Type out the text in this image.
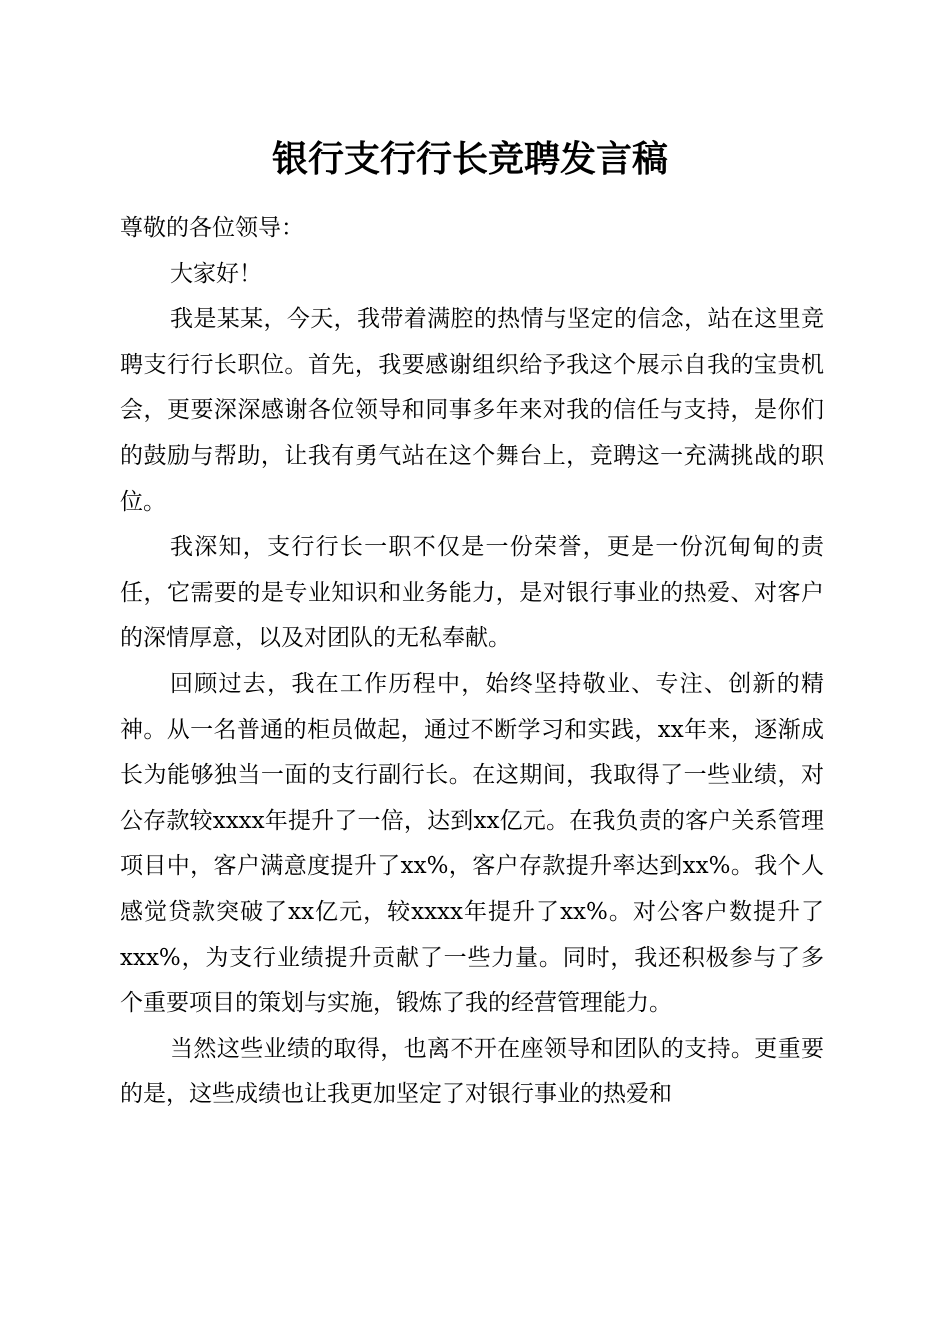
银行支行行长竞聘发言稿

尊敬的各位领导：

大家好！

我是某某，今天，我带着满腔的热情与坚定的信念，站在这里竞聘支行行长职位。首先，我要感谢组织给予我这个展示自我的宝贵机会，更要深深感谢各位领导和同事多年来对我的信任与支持，是你们的鼓励与帮助，让我有勇气站在这个舞台上，竞聘这一充满挑战的职位。

我深知，支行行长一职不仅是一份荣誉，更是一份沉甸甸的责任，它需要的是专业知识和业务能力，是对银行事业的热爱、对客户的深情厚意，以及对团队的无私奉献。

回顾过去，我在工作历程中，始终坚持敬业、专注、创新的精神。从一名普通的柜员做起，通过不断学习和实践，xx年来，逐渐成长为能够独当一面的支行副行长。在这期间，我取得了一些业绩，对公存款较xxxx年提升了一倍，达到xx亿元。在我负责的客户关系管理项目中，客户满意度提升了xx%，客户存款提升率达到xx%。我个人感觉贷款突破了xx亿元，较xxxx年提升了xx%。对公客户数提升了xxx%，为支行业绩提升贡献了一些力量。同时，我还积极参与了多个重要项目的策划与实施，锻炼了我的经营管理能力。

当然这些业绩的取得，也离不开在座领导和团队的支持。更重要的是，这些成绩也让我更加坚定了对银行事业的热爱和
